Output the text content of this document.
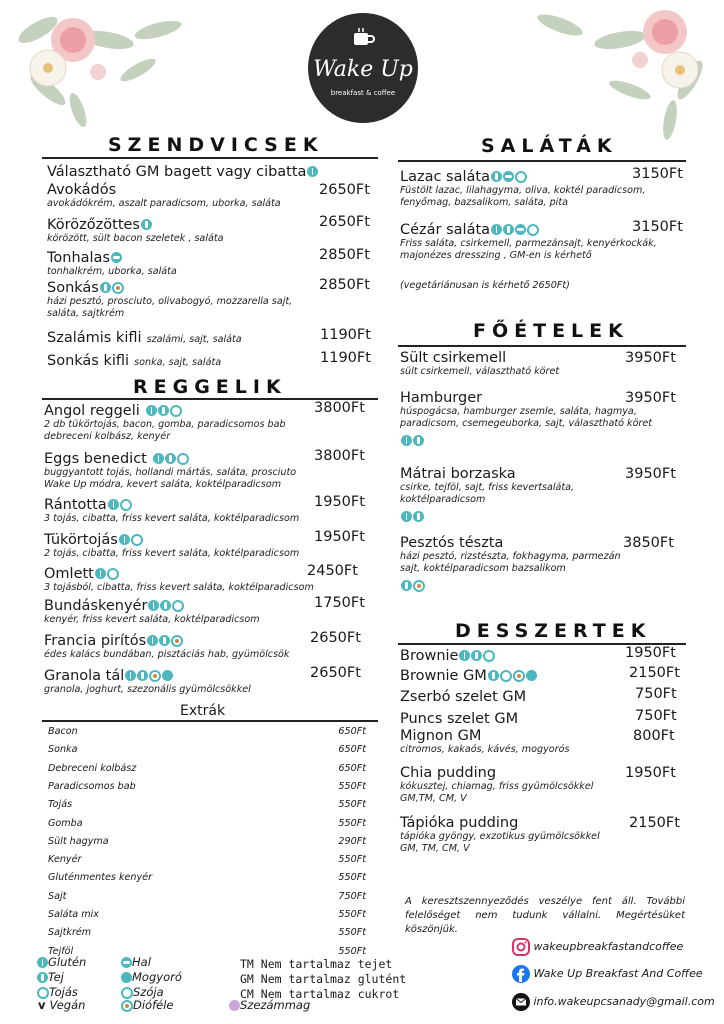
Wake Up
breakfast & coffee
SZENDVICSEK
Választható GM bagett vagy cibatta
Avokádós	2650Ft
avokádókrém, aszalt paradicsom, uborka, saláta
Körözőzöttes	2650Ft
körözött, sült bacon szeletek , saláta
Tonhalas	2850Ft
tonhalkrém, uborka, saláta
Sonkás	2850Ft
házi pesztó, prosciuto, olivabogyó, mozzarella sajt,
saláta, sajtkrém
Szalámis kifli szalámi, sajt, saláta	1190Ft
Sonkás kifli sonka, sajt, saláta	1190Ft
REGGELIK
Angol reggeli	3800Ft
2 db tükörtojás, bacon, gomba, paradicsomos bab
debreceni kolbász, kenyér
Eggs benedict	3800Ft
buggyantott tojás, hollandi mártás, saláta, prosciuto
Wake Up módra, kevert saláta, koktélparadicsom
Rántotta	1950Ft
3 tojás, cibatta, friss kevert saláta, koktélparadicsom
Tükörtojás	1950Ft
2 tojás, cibatta, friss kevert saláta, koktélparadicsom
Omlett	2450Ft
3 tojásból, cibatta, friss kevert saláta, koktélparadicsom
Bundáskenyér	1750Ft
kenyér, friss kevert saláta, koktélparadicsom
Francia pirítós	2650Ft
édes kalács bundában, pisztáciás hab, gyümölcsök
Granola tál	2650Ft
granola, joghurt, szezonális gyümölcsökkel
Extrák
Bacon	650Ft
Sonka	650Ft
Debreceni kolbász	650Ft
Paradicsomos bab	550Ft
Tojás	550Ft
Gomba	550Ft
Sült hagyma	290Ft
Kenyér	550Ft
Gluténmentes kenyér	550Ft
Sajt	750Ft
Saláta mix	550Ft
Sajtkrém	550Ft
Tejföl	550Ft
SALÁTÁK
Lazac saláta	3150Ft
Füstölt lazac, lilahagyma, oliva, koktél paradicsom,
fenyőmag, bazsalikom, saláta, pita
Cézár saláta	3150Ft
Friss saláta, csirkemell, parmezánsajt, kenyérkockák,
majonézes dresszing , GM-en is kérhető
(vegetáriánusan is kérhető 2650Ft)
FŐÉTELEK
Sült csirkemell	3950Ft
sült csirkemell, választható köret
Hamburger	3950Ft
húspogácsa, hamburger zsemle, saláta, hagmya,
paradicsom, csemegeuborka, sajt, választható köret
Mátrai borzaska	3950Ft
csirke, tejföl, sajt, friss kevertsaláta,
koktélparadicsom
Pesztós tészta	3850Ft
házi pesztó, rizstészta, fokhagyma, parmezán
sajt, koktélparadicsom bazsalikom
DESSZERTEK
Brownie	1950Ft
Brownie GM	2150Ft
Zserbó szelet GM	750Ft
Puncs szelet GM	750Ft
Mignon GM	800Ft
citromos, kakaós, kávés, mogyorós
Chia pudding	1950Ft
kókusztej, chiamag, friss gyümölcsökkel
GM,TM, CM, V
Tápióka pudding	2150Ft
tápióka gyöngy, exzotikus gyümölcsökkel
GM, TM, CM, V
A keresztszennyeződés veszélye fent áll. További felelőséget nem tudunk vállalni. Megértésüket köszönjük.
Glutén
Tej
Tojás
v Vegán
Hal
Mogyoró
Szója
Dióféle
TM Nem tartalmaz tejet
GM Nem tartalmaz glutént
CM Nem tartalmaz cukrot
Szezámmag
wakeupbreakfastandcoffee
Wake Up Breakfast And Coffee
info.wakeupcsanady@gmail.com
